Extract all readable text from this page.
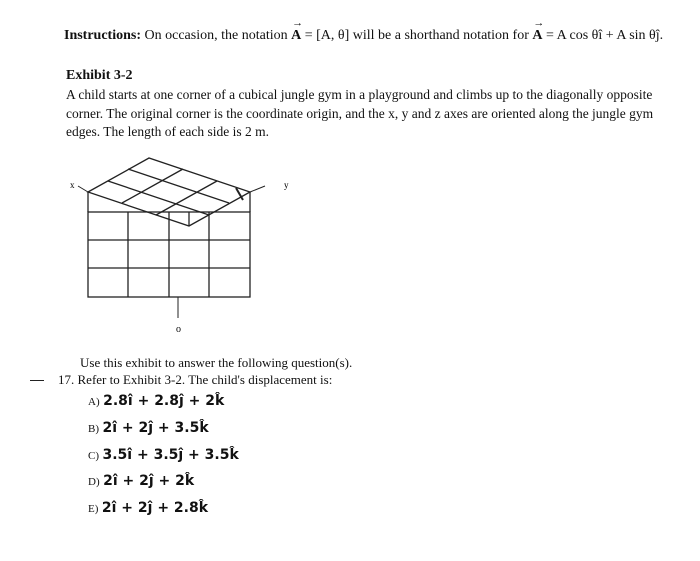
Instructions: On occasion, the notation → A = [A, θ] will be a shorthand notation for → A = A cos θî + A sin θĵ.
Exhibit 3-2
A child starts at one corner of a cubical jungle gym in a playground and climbs up to the diagonally opposite
corner. The original corner is the coordinate origin, and the x, y and z axes are oriented along the jungle gym
edges. The length of each side is 2 m.
x	y
o
Use this exhibit to answer the following question(s).
17. Refer to Exhibit 3-2. The child's displacement is:
A) 2.8î + 2.8ĵ + 2k̂
B) 2î + 2ĵ + 3.5k̂
C) 3.5î + 3.5ĵ + 3.5k̂
D) 2î + 2ĵ + 2k̂
E) 2î + 2ĵ + 2.8k̂
